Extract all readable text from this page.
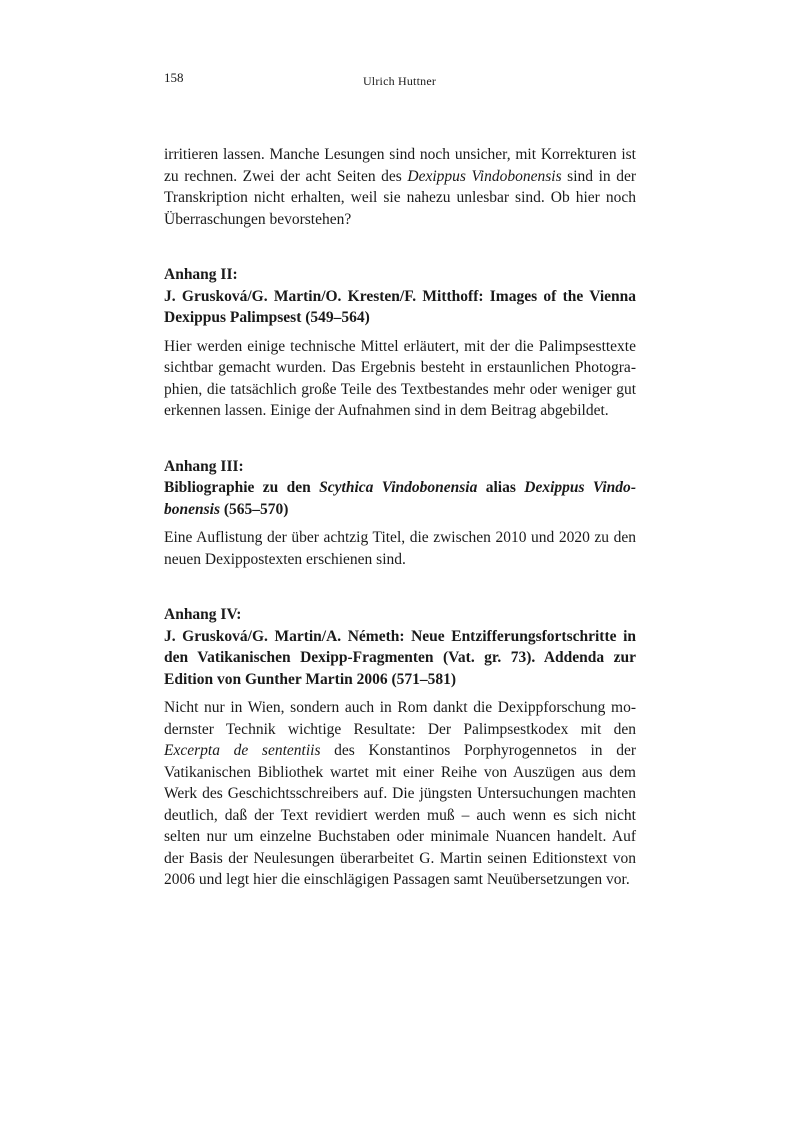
158	Ulrich Huttner

irritieren lassen. Manche Lesungen sind noch unsicher, mit Korrekturen ist zu rechnen. Zwei der acht Seiten des Dexippus Vindobonensis sind in der Transkription nicht erhalten, weil sie nahezu unlesbar sind. Ob hier noch Überraschungen bevorstehen?

Anhang II:
J. Grusková/G. Martin/O. Kresten/F. Mitthoff: Images of the Vienna Dexippus Palimpsest (549–564)

Hier werden einige technische Mittel erläutert, mit der die Palimpsesttexte sichtbar gemacht wurden. Das Ergebnis besteht in erstaunlichen Photographien, die tatsächlich große Teile des Textbestandes mehr oder weniger gut erkennen lassen. Einige der Aufnahmen sind in dem Beitrag abgebildet.

Anhang III:
Bibliographie zu den Scythica Vindobonensia alias Dexippus Vindobonensis (565–570)

Eine Auflistung der über achtzig Titel, die zwischen 2010 und 2020 zu den neuen Dexippostexten erschienen sind.

Anhang IV:
J. Grusková/G. Martin/A. Németh: Neue Entzifferungsfortschritte in den Vatikanischen Dexipp-Fragmenten (Vat. gr. 73). Addenda zur Edition von Gunther Martin 2006 (571–581)

Nicht nur in Wien, sondern auch in Rom dankt die Dexippforschung modernster Technik wichtige Resultate: Der Palimpsestkodex mit den Excerpta de sententiis des Konstantinos Porphyrogennetos in der Vatikanischen Bibliothek wartet mit einer Reihe von Auszügen aus dem Werk des Geschichtsschreibers auf. Die jüngsten Untersuchungen machten deutlich, daß der Text revidiert werden muß – auch wenn es sich nicht selten nur um einzelne Buchstaben oder minimale Nuancen handelt. Auf der Basis der Neulesungen überarbeitet G. Martin seinen Editionstext von 2006 und legt hier die einschlägigen Passagen samt Neuübersetzungen vor.
